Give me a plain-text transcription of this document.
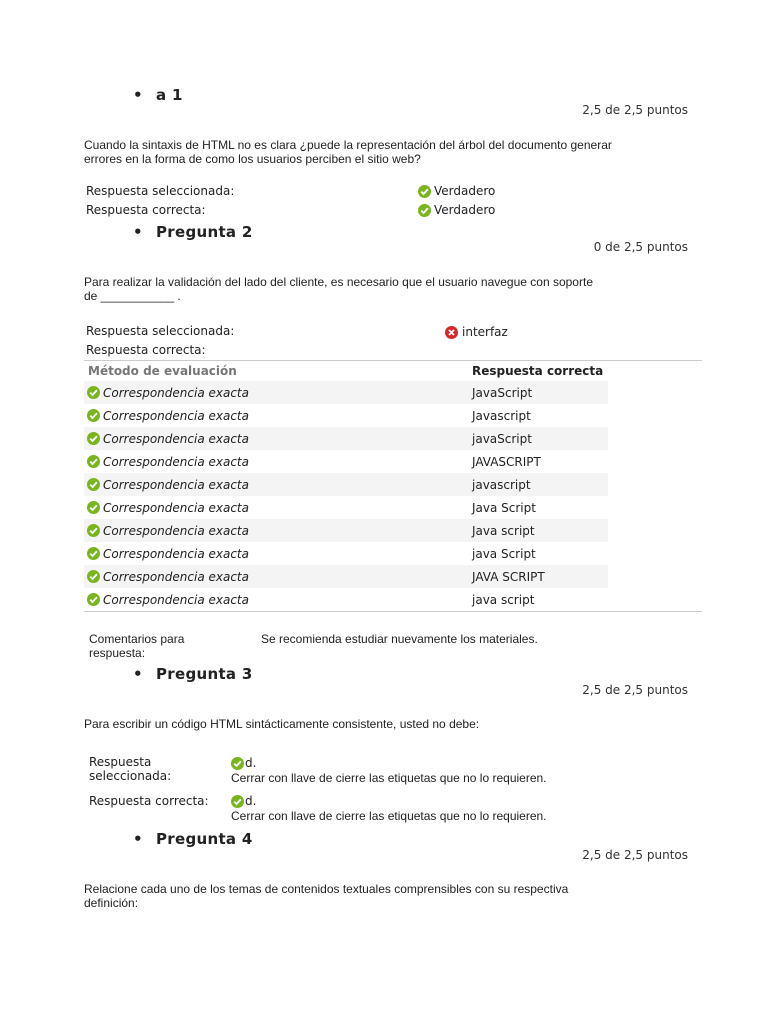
• a 1
2,5 de 2,5 puntos
Cuando la sintaxis de HTML no es clara ¿puede la representación del árbol del documento generar errores en la forma de como los usuarios perciben el sitio web?
Respuesta seleccionada:	Verdadero
Respuesta correcta:	Verdadero
• Pregunta 2
0 de 2,5 puntos
Para realizar la validación del lado del cliente, es necesario que el usuario navegue con soporte de ___________ .
Respuesta seleccionada:	interfaz
Respuesta correcta:
Método de evaluación	Respuesta correcta	

Correspondencia exacta	JavaScript	

Correspondencia exacta	Javascript	

Correspondencia exacta	javaScript	

Correspondencia exacta	JAVASCRIPT	

Correspondencia exacta	javascript	

Correspondencia exacta	Java Script	

Correspondencia exacta	Java script	

Correspondencia exacta	java Script	

Correspondencia exacta	JAVA SCRIPT	

Correspondencia exacta	java script	
Comentarios para respuesta:
Se recomienda estudiar nuevamente los materiales.
• Pregunta 3
2,5 de 2,5 puntos
Para escribir un código HTML sintácticamente consistente, usted no debe:
Respuesta seleccionada:
d.
Cerrar con llave de cierre las etiquetas que no lo requieren.
Respuesta correcta:	d.
Cerrar con llave de cierre las etiquetas que no lo requieren.
• Pregunta 4
2,5 de 2,5 puntos
Relacione cada uno de los temas de contenidos textuales comprensibles con su respectiva definición:
